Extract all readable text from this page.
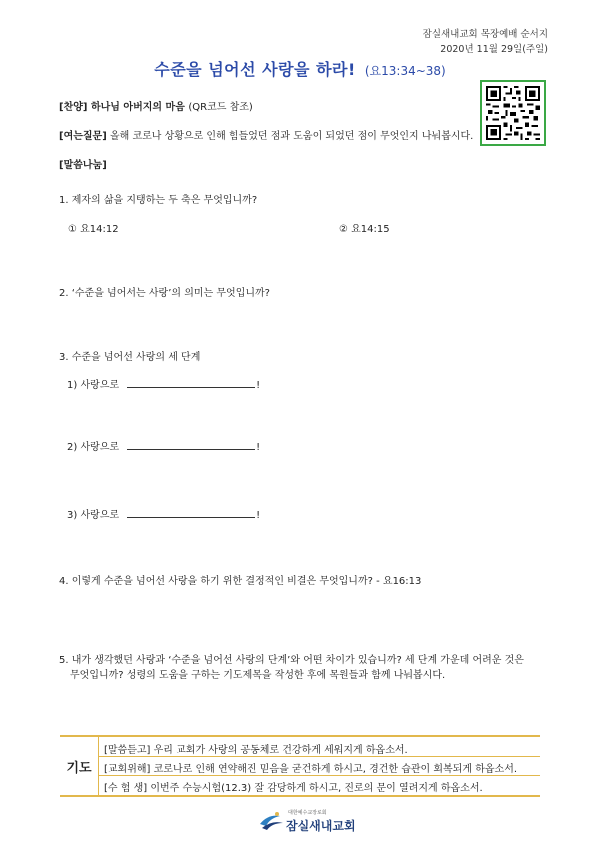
잠실새내교회 목장예배 순서지
2020년 11월 29일(주일)
수준을 넘어선 사랑을 하라! (요13:34~38)
[찬양] 하나님 아버지의 마음 (QR코드 참조)
[여는질문] 올해 코로나 상황으로 인해 힘들었던 점과 도움이 되었던 점이 무엇인지 나눠봅시다.
[말씀나눔]
1. 제자의 삶을 지탱하는 두 축은 무엇입니까?
① 요14:12	② 요14:15
2. ‘수준을 넘어서는 사랑’의 의미는 무엇입니까?
3. 수준을 넘어선 사랑의 세 단계
1) 사랑으로	!
2) 사랑으로	!
3) 사랑으로	!
4. 이렇게 수준을 넘어선 사랑을 하기 위한 결정적인 비결은 무엇입니까? - 요16:13
5. 내가 생각했던 사랑과 ‘수준을 넘어선 사랑의 단계’와 어떤 차이가 있습니까? 세 단계 가운데 어려운 것은
무엇입니까? 성령의 도움을 구하는 기도제목을 작성한 후에 목원들과 함께 나눠봅시다.
기도
[말씀듣고] 우리 교회가 사랑의 공동체로 건강하게 세워지게 하옵소서.
[교회위해] 코로나로 인해 연약해진 믿음을 굳건하게 하시고, 경건한 습관이 회복되게 하옵소서.
[수 험 생] 이번주 수능시험(12.3) 잘 감당하게 하시고, 진로의 문이 열려지게 하옵소서.
대한예수교장로회
잠실새내교회
